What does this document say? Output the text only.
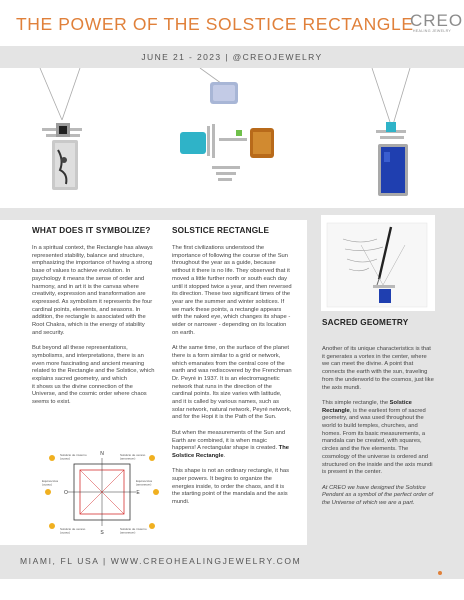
THE POWER OF THE SOLSTICE RECTANGLE
CREO
HEALING JEWELRY
JUNE 21 - 2023 | @CREOJEWELRY
WHAT DOES IT SYMBOLIZE?

In a spiritual context, the Rectangle has always represented stability, balance and structure, emphasizing the importance of having a strong base of values to achieve evolution. In psychology it means the sense of order and harmony, and in art it is the canvas where creativity, expression and transformation are expressed. As symbolism it represents the four cardinal points, elements, and seasons. In addition, the rectangle is associated with the Root Chakra, which is the energy of stability and security.

But beyond all these representations, symbolisms, and interpretations, there is an even more fascinating and ancient meaning related to the Rectangle and the Solstice, which explains sacred geometry, and which
it shows us the divine connection of the Universe, and the cosmic order where chaos seems to exist.

N
S
O	E
Solsticio de invierno (ocaso)
Solsticio de verano (amanecer)
Equinoccios (ocaso)
Equinoccios (amanecer)
Solsticio de verano (ocaso)
Solsticio de invierno (amanecer)
SOLSTICE RECTANGLE

The first civilizations understood the importance of following the course of the Sun throughout the year as a guide, because without it there is no life. They observed that it moved a little further north or south each day until it stopped twice a year, and then reversed its direction. These two significant times of the year are the summer and winter solstices. If we mark these points, a rectangle appears with the naked eye, which changes its shape - wider or narrower - depending on its location on earth.

At the same time, on the surface of the planet there is a form similar to a grid or network, which emanates from the central core of the earth and was rediscovered by the Frenchman Dr. Peyré in 1937. It is an electromagnetic network that runs in the direction of the cardinal points. Its size varies with latitude, and it is called by various names, such as solar network, natural network, Peyré network, and for the Hopi it is the Path of the Sun.

But when the measurements of the Sun and Earth are combined, it is when magic happens! A rectangular shape is created. The Solstice Rectangle.

This shape is not an ordinary rectangle, it has super powers. It begins to organize the energies inside, to order the chaos, and it is the starting point of the mandala and the axis mundi.

SACRED GEOMETRY

Another of its unique characteristics is that it generates a vortex in the center, where we can meet the divine. A point that connects the earth with the sun, traveling from the underworld to the cosmos, just like the axis mundi.

This simple rectangle, the Solstice Rectangle, is the earliest form of sacred geometry, and was used throughout the world to build temples, churches, and homes. From its basic measurements, a mandala can be created, with squares, circles and the five elements. The cosmology of the universe is ordered and structured on the inside and the axis mundi is present in the center.

At CREO we have designed the Solstice Pendant as a symbol of the perfect order of the Universe of which we are a part.

MIAMI, FL USA | WWW.CREOHEALINGJEWELRY.COM
